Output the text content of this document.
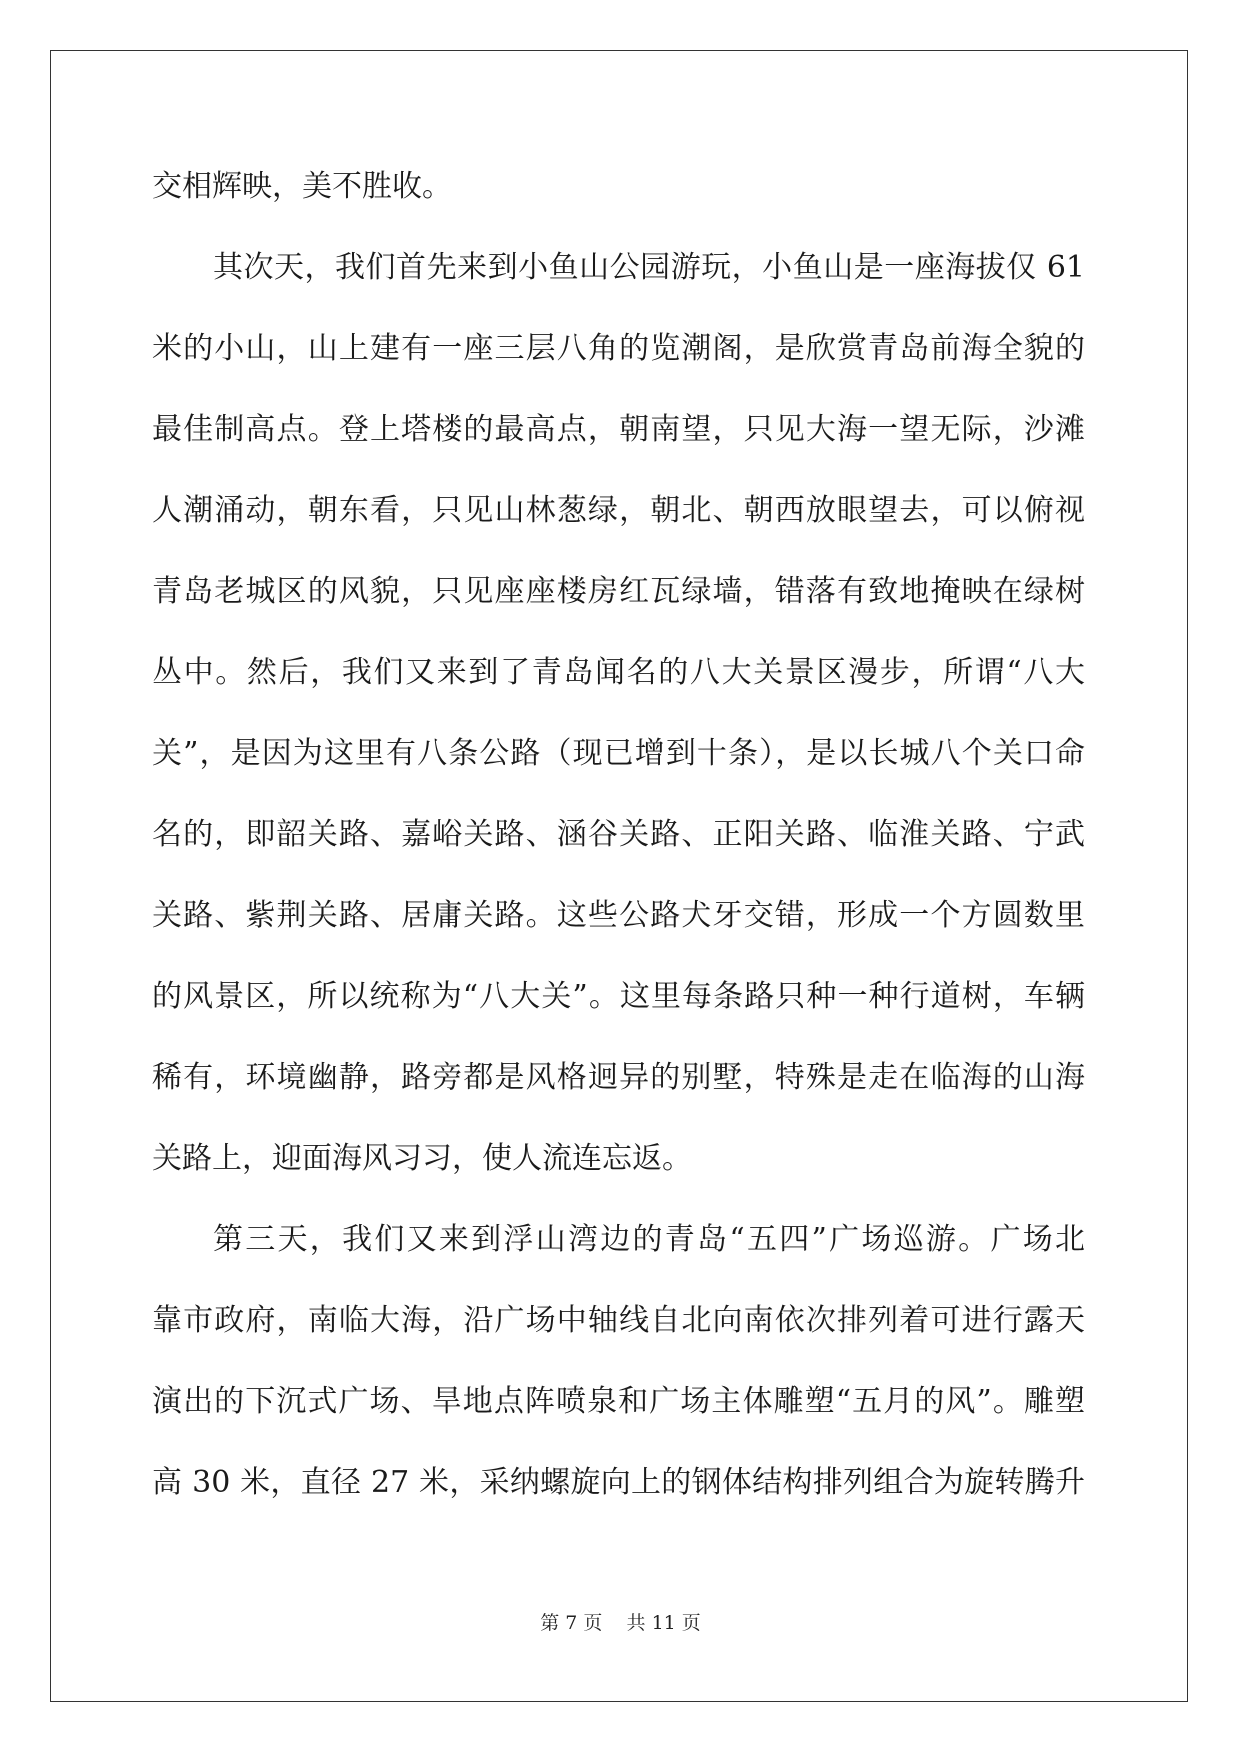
交相辉映，美不胜收。
其次天，我们首先来到小鱼山公园游玩，小鱼山是一座海拔仅 61
米的小山，山上建有一座三层八角的览潮阁，是欣赏青岛前海全貌的
最佳制高点。登上塔楼的最高点，朝南望，只见大海一望无际，沙滩
人潮涌动，朝东看，只见山林葱绿，朝北、朝西放眼望去，可以俯视
青岛老城区的风貌，只见座座楼房红瓦绿墙，错落有致地掩映在绿树
丛中。然后，我们又来到了青岛闻名的八大关景区漫步，所谓“八大
关”，是因为这里有八条公路（现已增到十条），是以长城八个关口命
名的，即韶关路、嘉峪关路、涵谷关路、正阳关路、临淮关路、宁武
关路、紫荆关路、居庸关路。这些公路犬牙交错，形成一个方圆数里
的风景区，所以统称为“八大关”。这里每条路只种一种行道树，车辆
稀有，环境幽静，路旁都是风格迥异的别墅，特殊是走在临海的山海
关路上，迎面海风习习，使人流连忘返。
第三天，我们又来到浮山湾边的青岛“五四”广场巡游。广场北
靠市政府，南临大海，沿广场中轴线自北向南依次排列着可进行露天
演出的下沉式广场、旱地点阵喷泉和广场主体雕塑“五月的风”。雕塑
高 30 米，直径 27 米，采纳螺旋向上的钢体结构排列组合为旋转腾升
第 7 页    共 11 页
